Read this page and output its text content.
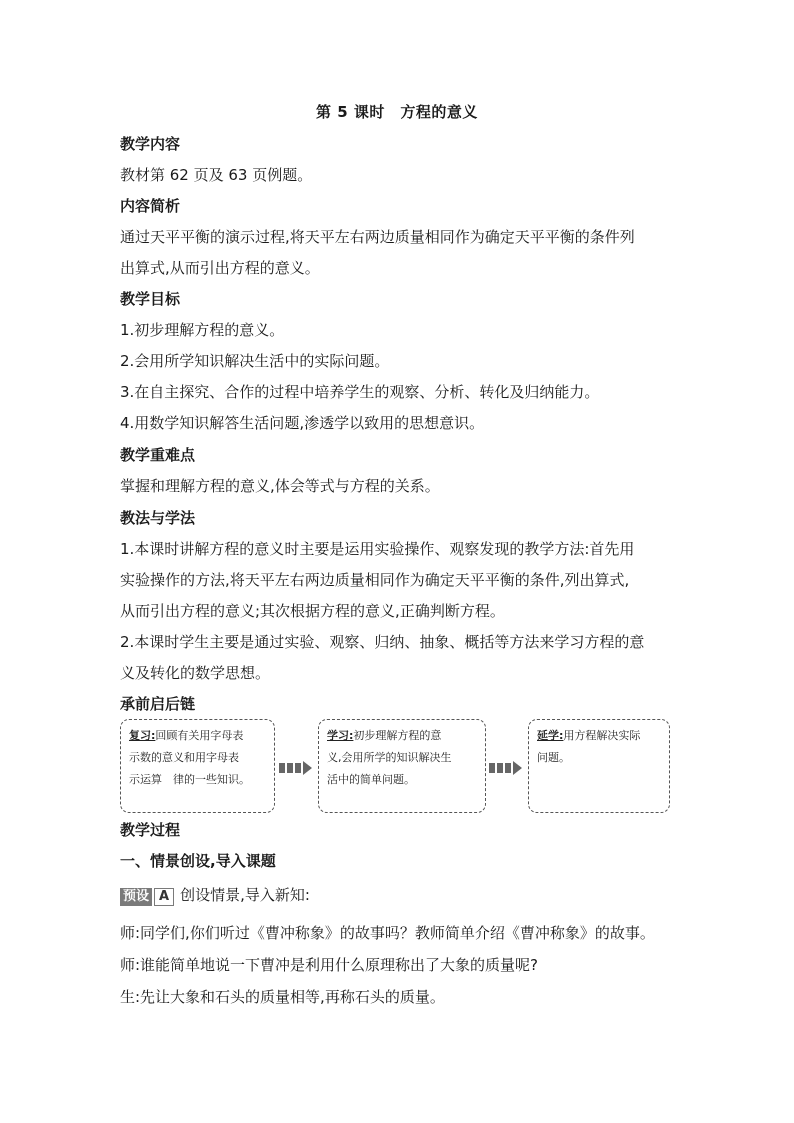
第 5 课时　方程的意义
教学内容
教材第 62 页及 63 页例题。
内容简析
通过天平平衡的演示过程,将天平左右两边质量相同作为确定天平平衡的条件列
出算式,从而引出方程的意义。
教学目标
1.初步理解方程的意义。
2.会用所学知识解决生活中的实际问题。
3.在自主探究、合作的过程中培养学生的观察、分析、转化及归纳能力。
4.用数学知识解答生活问题,渗透学以致用的思想意识。
教学重难点
掌握和理解方程的意义,体会等式与方程的关系。
教法与学法
1.本课时讲解方程的意义时主要是运用实验操作、观察发现的教学方法:首先用
实验操作的方法,将天平左右两边质量相同作为确定天平平衡的条件,列出算式,
从而引出方程的意义;其次根据方程的意义,正确判断方程。
2.本课时学生主要是通过实验、观察、归纳、抽象、概括等方法来学习方程的意
义及转化的数学思想。
承前启后链
复习:回顾有关用字母表
示数的意义和用字母表
示运算　律的一些知识。
学习:初步理解方程的意
义,会用所学的知识解决生
活中的简单问题。
延学:用方程解决实际
问题。
教学过程
一、情景创设,导入课题
预设 A 创设情景,导入新知:
师:同学们,你们听过《曹冲称象》的故事吗？教师简单介绍《曹冲称象》的故事。
师:谁能简单地说一下曹冲是利用什么原理称出了大象的质量呢?
生:先让大象和石头的质量相等,再称石头的质量。
